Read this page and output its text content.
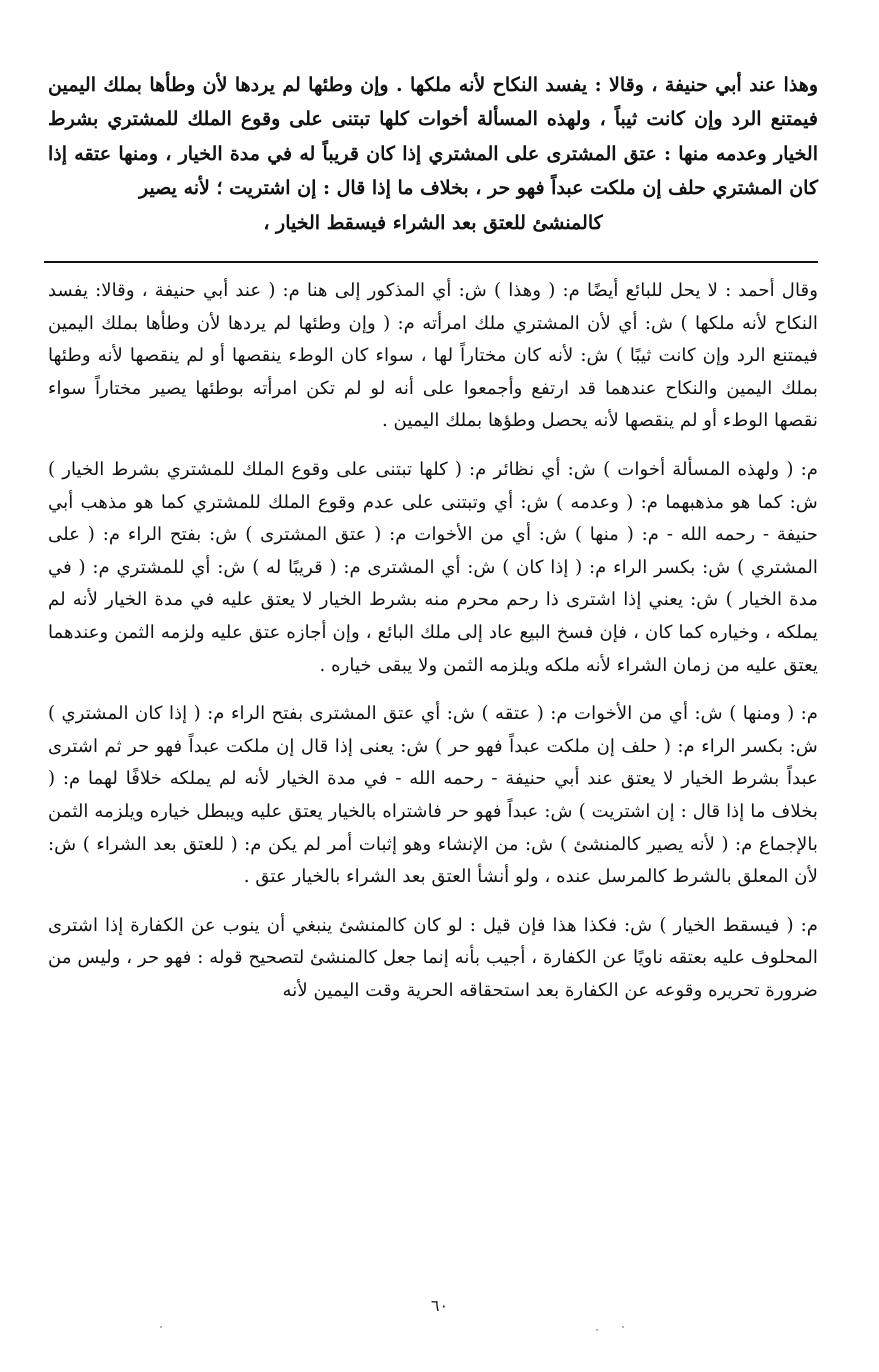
وهذا عند أبي حنيفة ، وقالا : يفسد النكاح لأنه ملكها . وإن وطئها لم يردها لأن وطأها بملك اليمين فيمتنع الرد وإن كانت ثيباً ، ولهذه المسألة أخوات كلها تبتنى على وقوع الملك للمشتري بشرط الخيار وعدمه منها : عتق المشترى على المشتري إذا كان قريباً له في مدة الخيار ، ومنها عتقه إذا كان المشتري حلف إن ملكت عبداً فهو حر ، بخلاف ما إذا قال : إن اشتريت ؛ لأنه يصير
كالمنشئ للعتق بعد الشراء فيسقط الخيار ،

وقال أحمد : لا يحل للبائع أيضًا م: ( وهذا ) ش: أي المذكور إلى هنا م: ( عند أبي حنيفة ، وقالا: يفسد النكاح لأنه ملكها ) ش: أي لأن المشتري ملك امرأته م: ( وإن وطئها لم يردها لأن وطأها بملك اليمين فيمتنع الرد وإن كانت ثيبًا ) ش: لأنه كان مختاراً لها ، سواء كان الوطء ينقصها أو لم ينقصها لأنه وطئها بملك اليمين والنكاح عندهما قد ارتفع وأجمعوا على أنه لو لم تكن امرأته بوطئها يصير مختاراً سواء نقصها الوطء أو لم ينقصها لأنه يحصل وطؤها بملك اليمين .

م: ( ولهذه المسألة أخوات ) ش: أي نظائر م: ( كلها تبتنى على وقوع الملك للمشتري بشرط الخيار ) ش: كما هو مذهبهما م: ( وعدمه ) ش: أي وتبتنى على عدم وقوع الملك للمشتري كما هو مذهب أبي حنيفة - رحمه الله - م: ( منها ) ش: أي من الأخوات م: ( عتق المشترى ) ش: بفتح الراء م: ( على المشتري ) ش: بكسر الراء م: ( إذا كان ) ش: أي المشترى م: ( قريبًا له ) ش: أي للمشتري م: ( في مدة الخيار ) ش: يعني إذا اشترى ذا رحم محرم منه بشرط الخيار لا يعتق عليه في مدة الخيار لأنه لم يملكه ، وخياره كما كان ، فإن فسخ البيع عاد إلى ملك البائع ، وإن أجازه عتق عليه ولزمه الثمن وعندهما يعتق عليه من زمان الشراء لأنه ملكه ويلزمه الثمن ولا يبقى خياره .

م: ( ومنها ) ش: أي من الأخوات م: ( عتقه ) ش: أي عتق المشترى بفتح الراء م: ( إذا كان المشتري ) ش: بكسر الراء م: ( حلف إن ملكت عبداً فهو حر ) ش: يعنى إذا قال إن ملكت عبداً فهو حر ثم اشترى عبداً بشرط الخيار لا يعتق عند أبي حنيفة - رحمه الله - في مدة الخيار لأنه لم يملكه خلافًا لهما م: ( بخلاف ما إذا قال : إن اشتريت ) ش: عبداً فهو حر فاشتراه بالخيار يعتق عليه ويبطل خياره ويلزمه الثمن بالإجماع م: ( لأنه يصير كالمنشئ ) ش: من الإنشاء وهو إثبات أمر لم يكن م: ( للعتق بعد الشراء ) ش: لأن المعلق بالشرط كالمرسل عنده ، ولو أنشأ العتق بعد الشراء بالخيار عتق .

م: ( فيسقط الخيار ) ش: فكذا هذا فإن قيل : لو كان كالمنشئ ينبغي أن ينوب عن الكفارة إذا اشترى المحلوف عليه بعتقه ناويًا عن الكفارة ، أجيب بأنه إنما جعل كالمنشئ لتصحيح قوله : فهو حر ، وليس من ضرورة تحريره وقوعه عن الكفارة بعد استحقاقه الحرية وقت اليمين لأنه

٦٠
